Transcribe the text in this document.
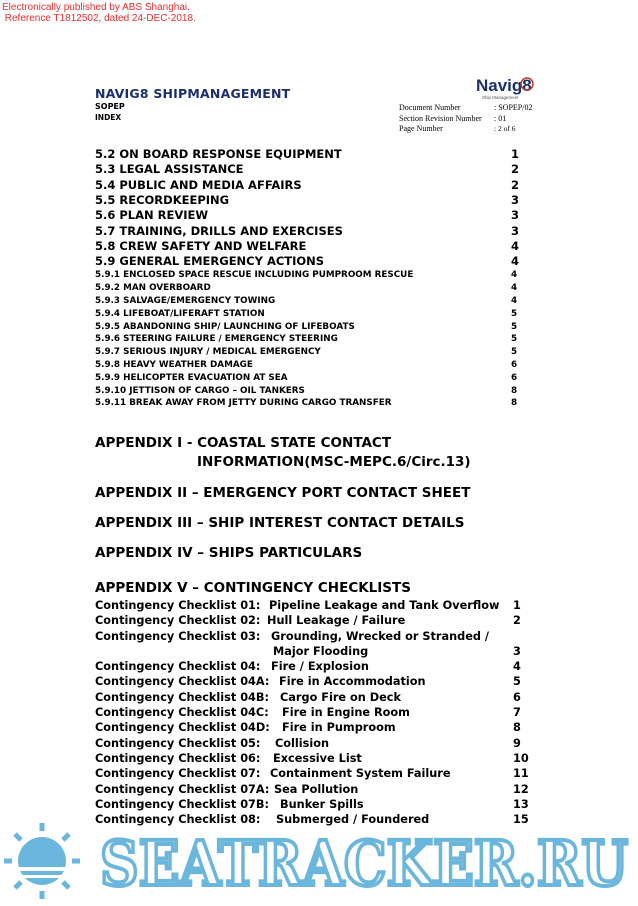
Electronically published by ABS Shanghai.
Reference T1812502, dated 24-DEC-2018.
NAVIG8 SHIPMANAGEMENT
SOPEP
INDEX
Navig8
Ship Management
Document Number	: SOPEP/02
Section Revision Number	: 01
Page Number	: 2 of 6
5.2 ON BOARD RESPONSE EQUIPMENT	1
5.3 LEGAL ASSISTANCE	2
5.4 PUBLIC AND MEDIA AFFAIRS	2
5.5 RECORDKEEPING	3
5.6 PLAN REVIEW	3
5.7 TRAINING, DRILLS AND EXERCISES	3
5.8 CREW SAFETY AND WELFARE	4
5.9 GENERAL EMERGENCY ACTIONS	4
5.9.1 ENCLOSED SPACE RESCUE INCLUDING PUMPROOM RESCUE	4
5.9.2 MAN OVERBOARD	4
5.9.3 SALVAGE/EMERGENCY TOWING	4
5.9.4 LIFEBOAT/LIFERAFT STATION	5
5.9.5 ABANDONING SHIP/ LAUNCHING OF LIFEBOATS	5
5.9.6 STEERING FAILURE / EMERGENCY STEERING	5
5.9.7 SERIOUS INJURY / MEDICAL EMERGENCY	5
5.9.8 HEAVY WEATHER DAMAGE	6
5.9.9 HELICOPTER EVACUATION AT SEA	6
5.9.10 JETTISON OF CARGO – OIL TANKERS	8
5.9.11 BREAK AWAY FROM JETTY DURING CARGO TRANSFER	8
APPENDIX I - COASTAL STATE CONTACT
INFORMATION(MSC-MEPC.6/Circ.13)
APPENDIX II – EMERGENCY PORT CONTACT SHEET
APPENDIX III – SHIP INTEREST CONTACT DETAILS
APPENDIX IV – SHIPS PARTICULARS
APPENDIX V – CONTINGENCY CHECKLISTS
Contingency Checklist 01: Pipeline Leakage and Tank Overflow 1
Contingency Checklist 02: Hull Leakage / Failure	2
Contingency Checklist 03: Grounding, Wrecked or Stranded /
Major Flooding	3
Contingency Checklist 04: Fire / Explosion	4
Contingency Checklist 04A: Fire in Accommodation	5
Contingency Checklist 04B: Cargo Fire on Deck	6
Contingency Checklist 04C: Fire in Engine Room	7
Contingency Checklist 04D: Fire in Pumproom	8
Contingency Checklist 05: Collision	9
Contingency Checklist 06: Excessive List	10
Contingency Checklist 07: Containment System Failure	11
Contingency Checklist 07A: Sea Pollution	12
Contingency Checklist 07B: Bunker Spills	13
Contingency Checklist 08: Submerged / Foundered	15
SEATRACKER.RU
